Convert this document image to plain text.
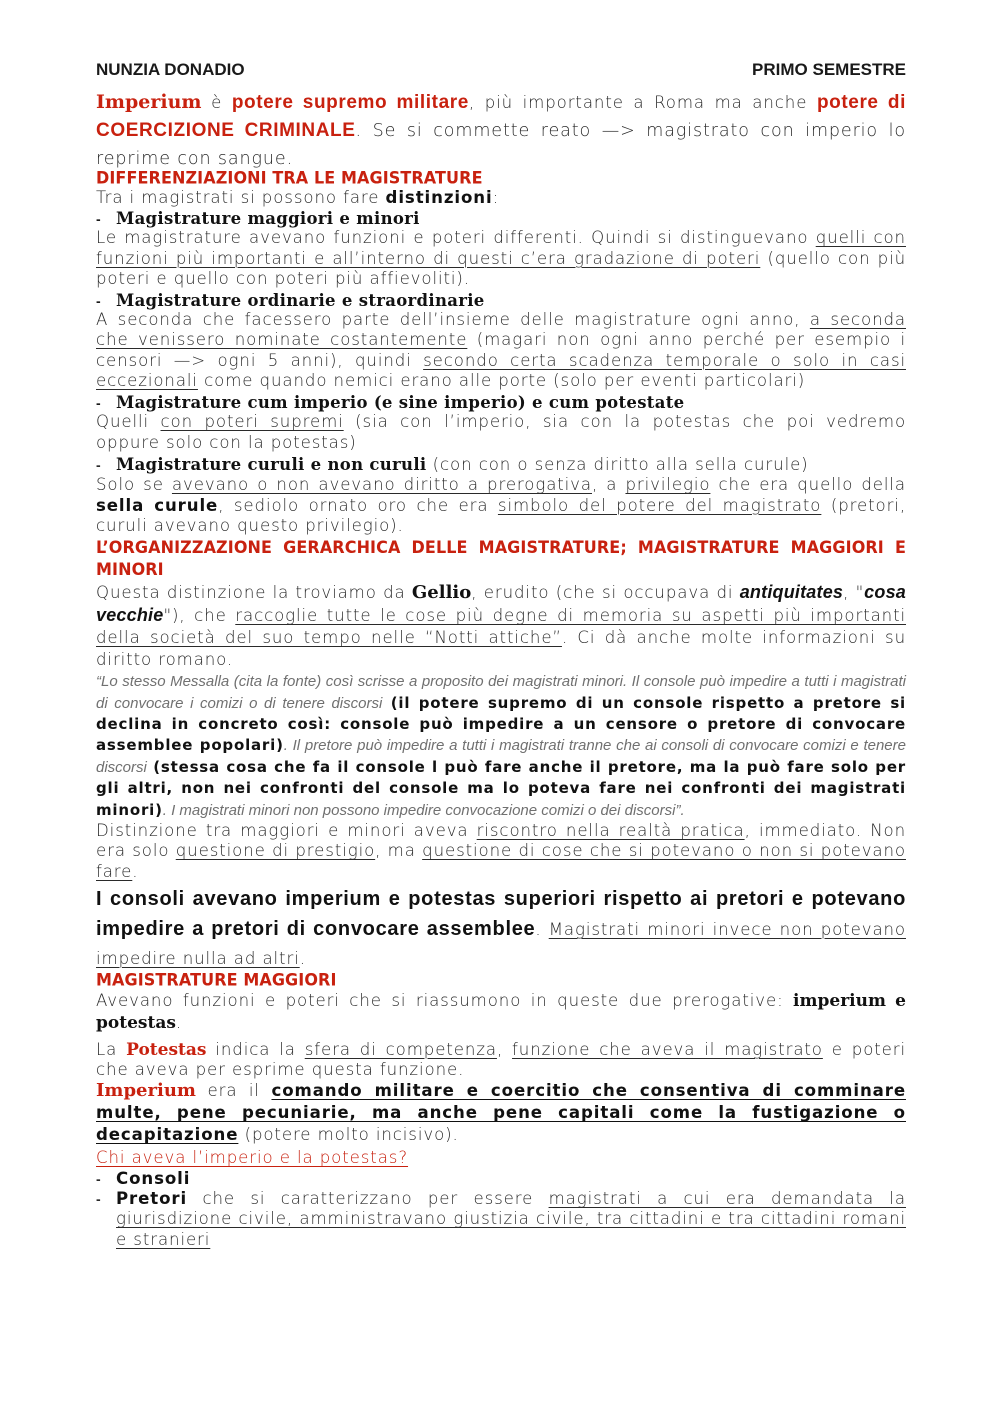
NUNZIA DONADIO	PRIMO SEMESTRE

Imperium è potere supremo militare, più importante a Roma ma anche potere di COERCIZIONE CRIMINALE. Se si commette reato —> magistrato con imperio lo reprime con sangue.

DIFFERENZIAZIONI TRA LE MAGISTRATURE

Tra i magistrati si possono fare distinzioni:

- Magistrature maggiori e minori

Le magistrature avevano funzioni e poteri differenti. Quindi si distinguevano quelli con funzioni più importanti e all’interno di questi c’era gradazione di poteri (quello con più poteri e quello con poteri più affievoliti).

- Magistrature ordinarie e straordinarie

A seconda che facessero parte dell’insieme delle magistrature ogni anno, a seconda che venissero nominate costantemente (magari non ogni anno perché per esempio i censori —> ogni 5 anni), quindi secondo certa scadenza temporale o solo in casi eccezionali come quando nemici erano alle porte (solo per eventi particolari)

- Magistrature cum imperio (e sine imperio) e cum potestate

Quelli con poteri supremi (sia con l’imperio, sia con la potestas che poi vedremo oppure solo con la potestas)

- Magistrature curuli e non curuli (con con o senza diritto alla sella curule)

Solo se avevano o non avevano diritto a prerogativa, a privilegio che era quello della sella curule, sediolo ornato oro che era simbolo del potere del magistrato (pretori, curuli avevano questo privilegio).

L’ORGANIZZAZIONE GERARCHICA DELLE MAGISTRATURE; MAGISTRATURE MAGGIORI E MINORI

Questa distinzione la troviamo da Gellio, erudito (che si occupava di antiquitates, "cosa vecchie"), che raccoglie tutte le cose più degne di memoria su aspetti più importanti della società del suo tempo nelle “Notti attiche”. Ci dà anche molte informazioni su diritto romano.

“Lo stesso Messalla (cita la fonte) così scrisse a proposito dei magistrati minori. Il console può impedire a tutti i magistrati di convocare i comizi o di tenere discorsi (il potere supremo di un console rispetto a pretore si declina in concreto così: console può impedire a un censore o pretore di convocare assemblee popolari). Il pretore può impedire a tutti i magistrati tranne che ai consoli di convocare comizi e tenere discorsi (stessa cosa che fa il console l può fare anche il pretore, ma la può fare solo per gli altri, non nei confronti del console ma lo poteva fare nei confronti dei magistrati minori). I magistrati minori non possono impedire convocazione comizi o dei discorsi”.

Distinzione tra maggiori e minori aveva riscontro nella realtà pratica, immediato. Non era solo questione di prestigio, ma questione di cose che si potevano o non si potevano fare.

I consoli avevano imperium e potestas superiori rispetto ai pretori e potevano impedire a pretori di convocare assemblee. Magistrati minori invece non potevano impedire nulla ad altri.

MAGISTRATURE MAGGIORI

Avevano funzioni e poteri che si riassumono in queste due prerogative: imperium e potestas.

La Potestas indica la sfera di competenza, funzione che aveva il magistrato e poteri che aveva per esprime questa funzione.

Imperium era il comando militare e coercitio che consentiva di comminare multe, pene pecuniarie, ma anche pene capitali come la fustigazione o decapitazione (potere molto incisivo).

Chi aveva l’imperio e la potestas?

- Consoli
- Pretori che si caratterizzano per essere magistrati a cui era demandata la giurisdizione civile, amministravano giustizia civile, tra cittadini e tra cittadini romani e stranieri
